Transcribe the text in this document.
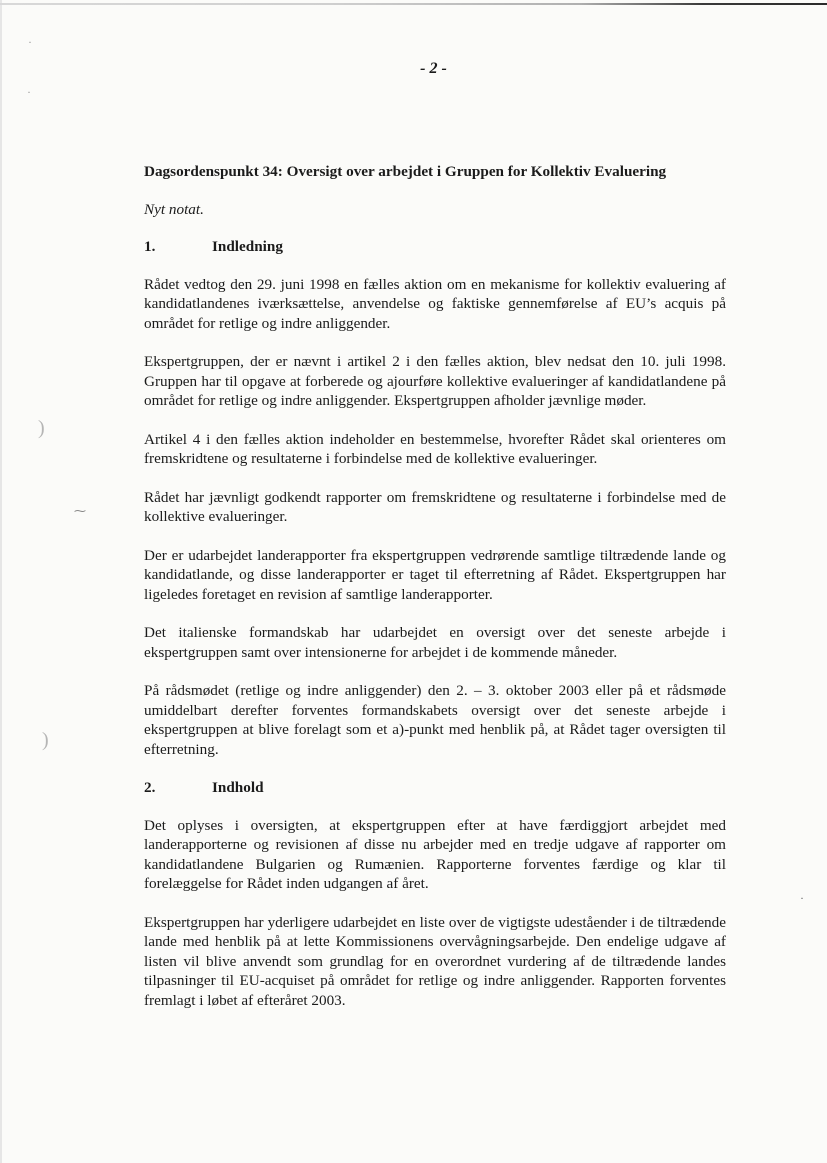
·
·
)
⁓
)
·
- 2 -
Dagsordenspunkt 34: Oversigt over arbejdet i Gruppen for Kollektiv Evaluering
Nyt notat.
1.	Indledning

Rådet vedtog den 29. juni 1998 en fælles aktion om en mekanisme for kollektiv evaluering af kandidatlandenes iværksættelse, anvendelse og faktiske gennemførelse af EU’s acquis på området for retlige og indre anliggender.

Ekspertgruppen, der er nævnt i artikel 2 i den fælles aktion, blev nedsat den 10. juli 1998. Gruppen har til opgave at forberede og ajourføre kollektive evalueringer af kandidatlandene på området for retlige og indre anliggender. Ekspertgruppen afholder jævnlige møder.

Artikel 4 i den fælles aktion indeholder en bestemmelse, hvorefter Rådet skal orienteres om fremskridtene og resultaterne i forbindelse med de kollektive evalueringer.

Rådet har jævnligt godkendt rapporter om fremskridtene og resultaterne i forbindelse med de kollektive evalueringer.

Der er udarbejdet landerapporter fra ekspertgruppen vedrørende samtlige tiltrædende lande og kandidatlande, og disse landerapporter er taget til efterretning af Rådet. Ekspertgruppen har ligeledes foretaget en revision af samtlige landerapporter.

Det italienske formandskab har udarbejdet en oversigt over det seneste arbejde i ekspertgruppen samt over intensionerne for arbejdet i de kommende måneder.

På rådsmødet (retlige og indre anliggender) den 2. – 3. oktober 2003 eller på et rådsmøde umiddelbart derefter forventes formandskabets oversigt over det seneste arbejde i ekspertgruppen at blive forelagt som et a)-punkt med henblik på, at Rådet tager oversigten til efterretning.

2.	Indhold

Det oplyses i oversigten, at ekspertgruppen efter at have færdiggjort arbejdet med landerapporterne og revisionen af disse nu arbejder med en tredje udgave af rapporter om kandidatlandene Bulgarien og Rumænien. Rapporterne forventes færdige og klar til forelæggelse for Rådet inden udgangen af året.

Ekspertgruppen har yderligere udarbejdet en liste over de vigtigste udeståender i de tiltrædende lande med henblik på at lette Kommissionens overvågningsarbejde. Den endelige udgave af listen vil blive anvendt som grundlag for en overordnet vurdering af de tiltrædende landes tilpasninger til EU-acquiset på området for retlige og indre anliggender. Rapporten forventes fremlagt i løbet af efteråret 2003.
